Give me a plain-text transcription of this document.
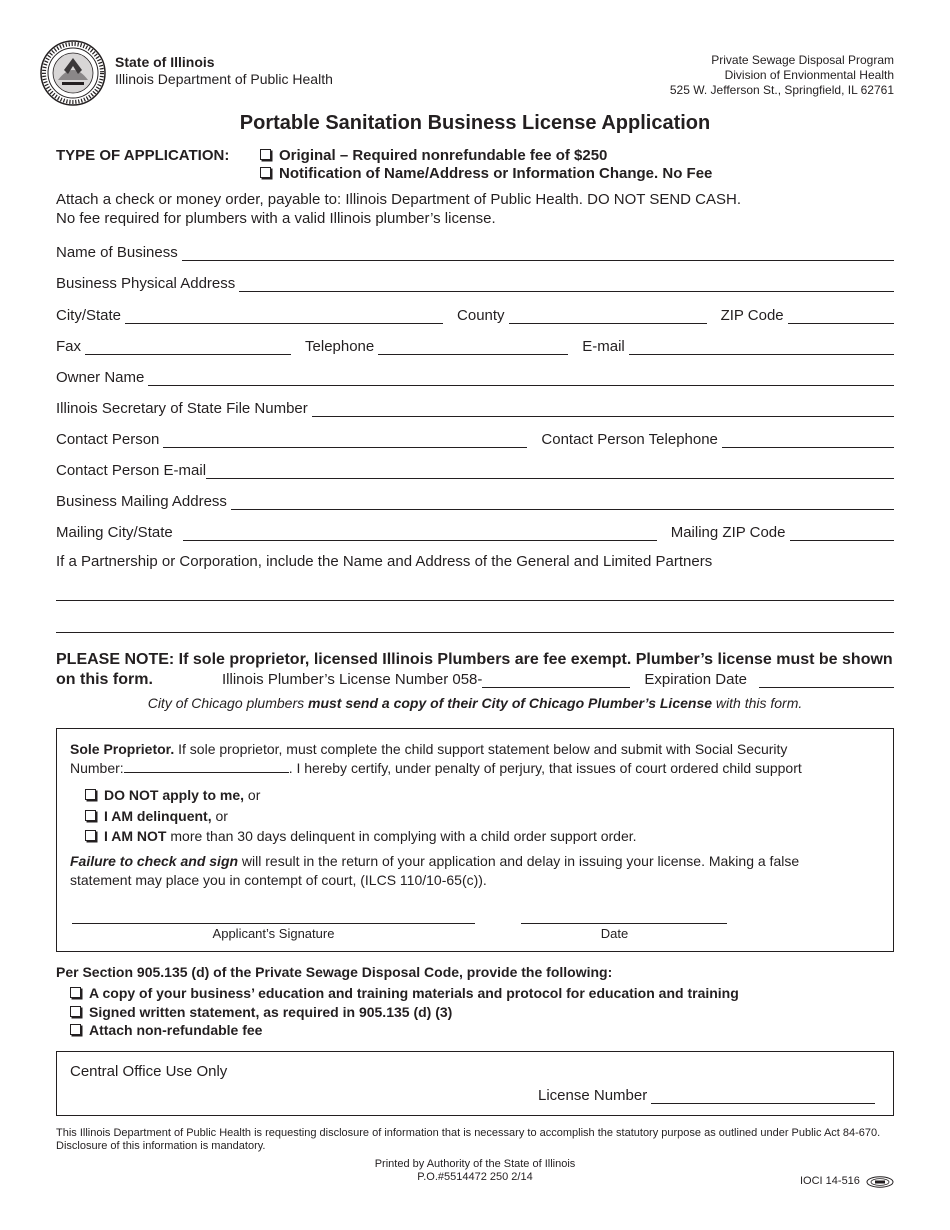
State of Illinois
Illinois Department of Public Health
Private Sewage Disposal Program
Division of Envionmental Health
525 W. Jefferson St., Springfield, IL 62761
Portable Sanitation Business License Application
TYPE OF APPLICATION:	Original – Required nonrefundable fee of $250
Notification of Name/Address or Information Change. No Fee
Attach a check or money order, payable to: Illinois Department of Public Health. DO NOT SEND CASH.
No fee required for plumbers with a valid Illinois plumber’s license.
Name of Business
Business Physical Address
City/State	County	ZIP Code
Fax	Telephone	E-mail
Owner Name
Illinois Secretary of State File Number
Contact Person	Contact Person Telephone
Contact Person E-mail
Business Mailing Address
Mailing City/State	Mailing ZIP Code
If a Partnership or Corporation, include the Name and Address of the General and Limited Partners
PLEASE NOTE: If sole proprietor, licensed Illinois Plumbers are fee exempt. Plumber’s license must be shown on this form.	Illinois Plumber’s License Number 058-	Expiration Date
City of Chicago plumbers must send a copy of their City of Chicago Plumber’s License with this form.
Sole Proprietor. If sole proprietor, must complete the child support statement below and submit with Social Security
Number:	. I hereby certify, under penalty of perjury, that issues of court ordered child support
DO NOT apply to me, or
I AM delinquent, or
I AM NOT more than 30 days delinquent in complying with a child order support order.
Failure to check and sign will result in the return of your application and delay in issuing your license. Making a false
statement may place you in contempt of court, (ILCS 110/10-65(c)).
Applicant’s Signature	Date
Per Section 905.135 (d) of the Private Sewage Disposal Code, provide the following:
A copy of your business’ education and training materials and protocol for education and training
Signed written statement, as required in 905.135 (d) (3)
Attach non-refundable fee
Central Office Use Only
License Number
This Illinois Department of Public Health is requesting disclosure of information that is necessary to accomplish the statutory purpose as outlined under Public Act 84-670.
Disclosure of this information is mandatory.
Printed by Authority of the State of Illinois
P.O.#5514472 250 2/14	IOCI 14-516
